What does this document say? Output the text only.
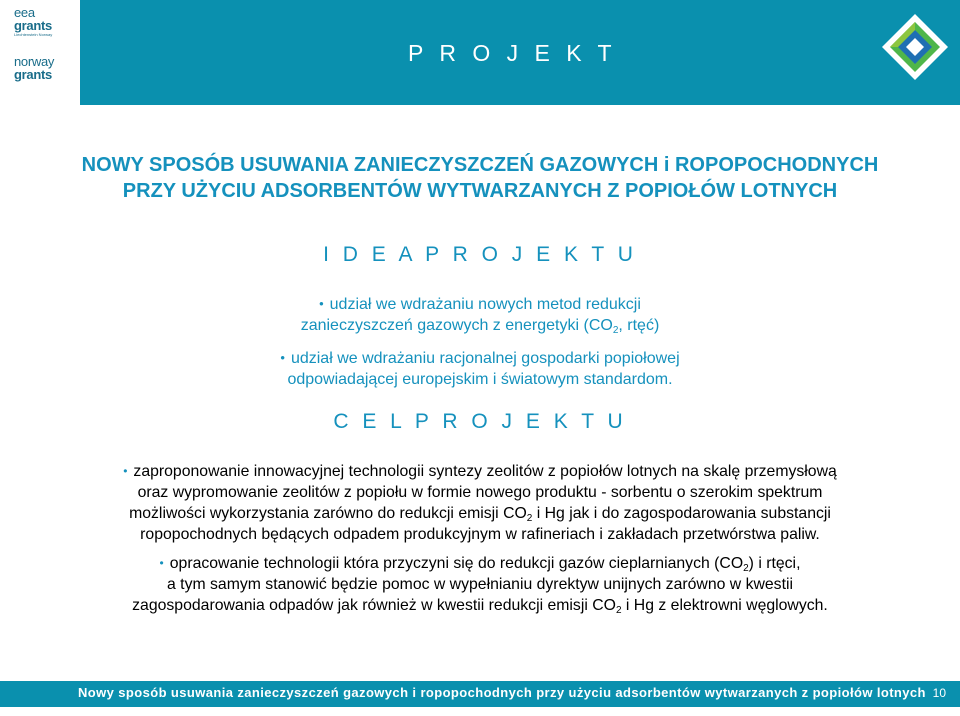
eea
grants
Liechtenstein Norway
norway
grants
P R O J E K T
NOWY SPOSÓB USUWANIA ZANIECZYSZCZEŃ GAZOWYCH i ROPOPOCHODNYCH
PRZY UŻYCIU ADSORBENTÓW WYTWARZANYCH Z POPIOŁÓW LOTNYCH
I D E A P R O J E K T U
• udział we wdrażaniu nowych metod redukcji
zanieczyszczeń gazowych z energetyki ($CO_2$, rtęć)
• udział we wdrażaniu racjonalnej gospodarki popiołowej
odpowiadającej europejskim i światowym standardom.
C E L P R O J E K T U
• zaproponowanie innowacyjnej technologii syntezy zeolitów z popiołów lotnych na skalę przemysłową
oraz wypromowanie zeolitów z popiołu w formie nowego produktu - sorbentu o szerokim spektrum
możliwości wykorzystania zarówno do redukcji emisji $CO_2$ i Hg jak i do zagospodarowania substancji
ropopochodnych będących odpadem produkcyjnym w rafineriach i zakładach przetwórstwa paliw.
• opracowanie technologii która przyczyni się do redukcji gazów cieplarnianych $(CO_2)$ i rtęci,
a tym samym stanowić będzie pomoc w wypełnianiu dyrektyw unijnych zarówno w kwestii
zagospodarowania odpadów jak również w kwestii redukcji emisji $CO_2$ i Hg z elektrowni węglowych.
Nowy sposób usuwania zanieczyszczeń gazowych i ropopochodnych przy użyciu adsorbentów wytwarzanych z popiołów lotnych 10
